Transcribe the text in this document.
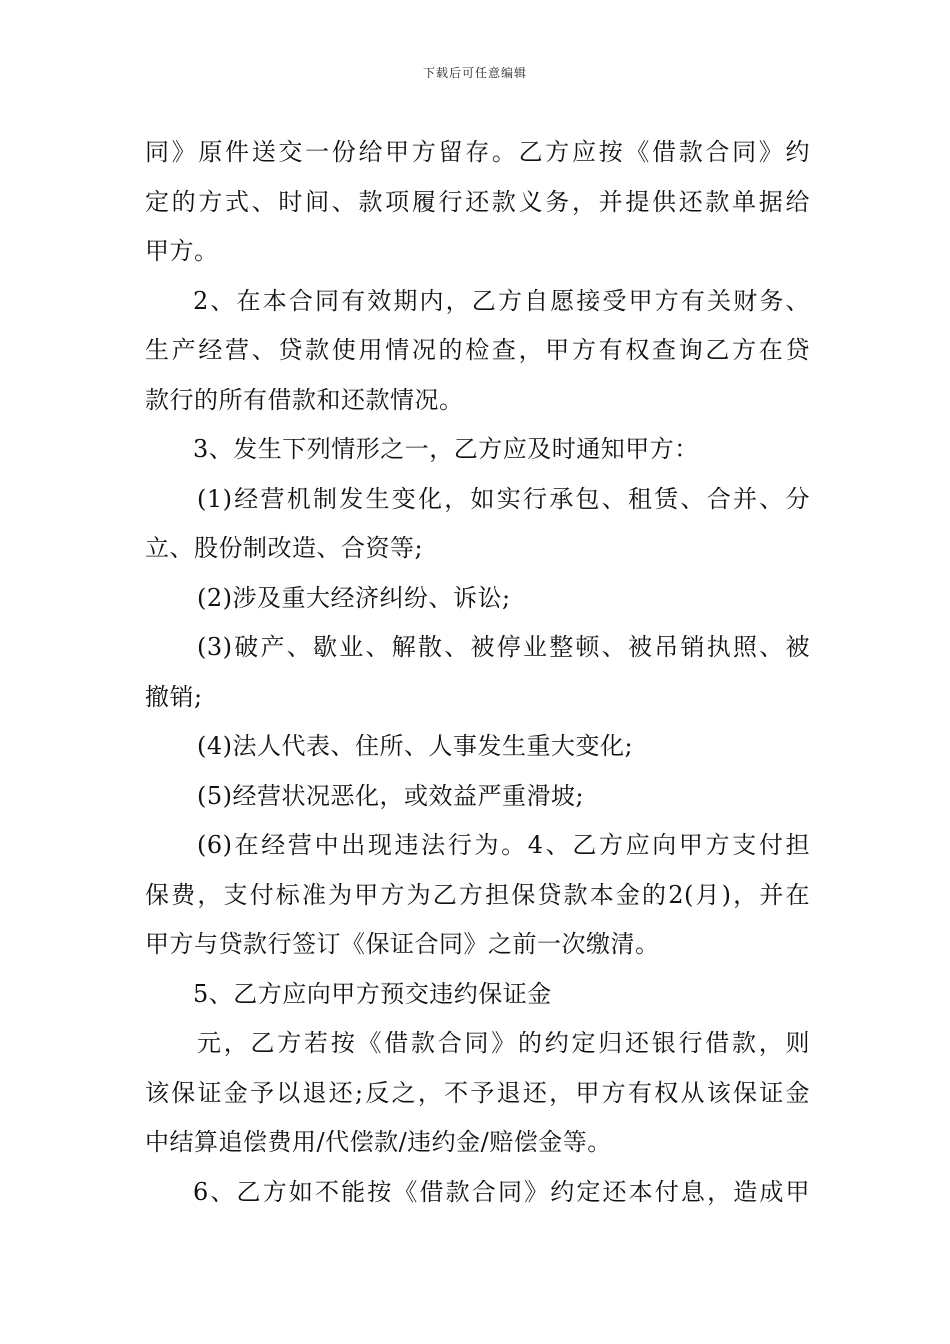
下载后可任意编辑
同》原件送交一份给甲方留存。乙方应按《借款合同》约
定的方式、时间、款项履行还款义务，并提供还款单据给
甲方。
2、在本合同有效期内，乙方自愿接受甲方有关财务、
生产经营、贷款使用情况的检查，甲方有权查询乙方在贷
款行的所有借款和还款情况。
3、发生下列情形之一，乙方应及时通知甲方：
(1)经营机制发生变化，如实行承包、租赁、合并、分
立、股份制改造、合资等;
(2)涉及重大经济纠纷、诉讼;
(3)破产、歇业、解散、被停业整顿、被吊销执照、被
撤销;
(4)法人代表、住所、人事发生重大变化;
(5)经营状况恶化，或效益严重滑坡;
(6)在经营中出现违法行为。4、乙方应向甲方支付担
保费，支付标准为甲方为乙方担保贷款本金的2(月)，并在
甲方与贷款行签订《保证合同》之前一次缴清。
5、乙方应向甲方预交违约保证金
元，乙方若按《借款合同》的约定归还银行借款，则
该保证金予以退还;反之，不予退还，甲方有权从该保证金
中结算追偿费用/代偿款/违约金/赔偿金等。
6、乙方如不能按《借款合同》约定还本付息，造成甲
